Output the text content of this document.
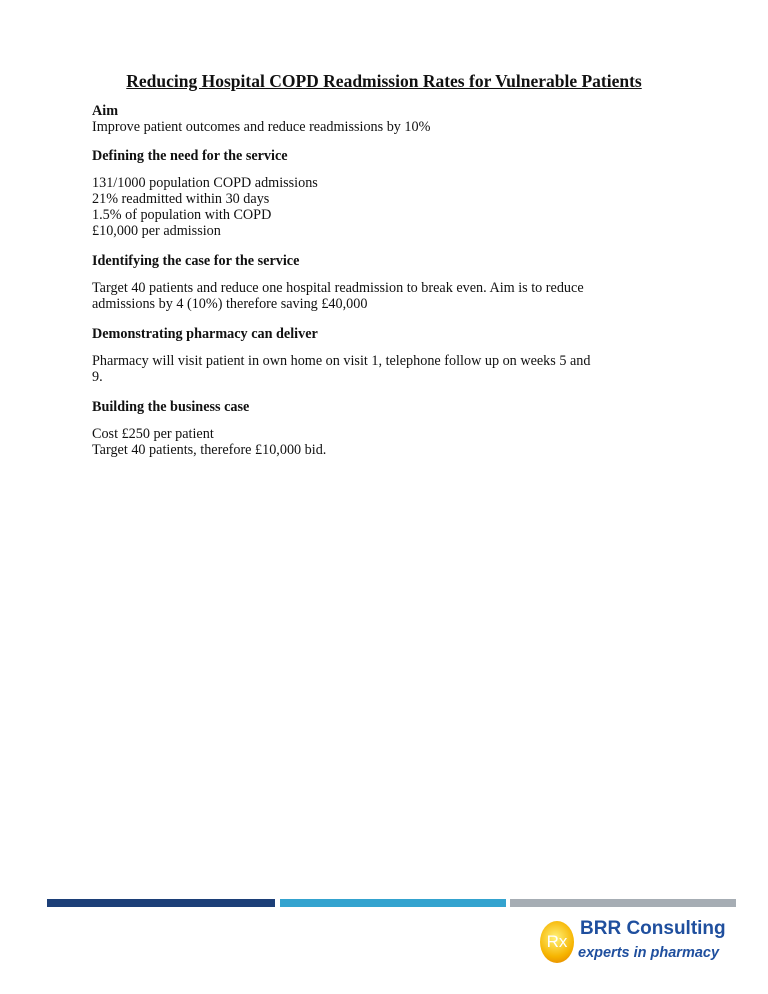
Reducing Hospital COPD Readmission Rates for Vulnerable Patients
Aim
Improve patient outcomes and reduce readmissions by 10%
Defining the need for the service
131/1000 population COPD admissions
21% readmitted within 30 days
1.5% of population with COPD
£10,000 per admission
Identifying the case for the service
Target 40 patients and reduce one hospital readmission to break even. Aim is to reduce
admissions by 4 (10%) therefore saving £40,000
Demonstrating pharmacy can deliver
Pharmacy will visit patient in own home on visit 1, telephone follow up on weeks 5 and
9.
Building the business case
Cost £250 per patient
Target 40 patients, therefore £10,000 bid.
Rx
BRR Consulting
experts in pharmacy
